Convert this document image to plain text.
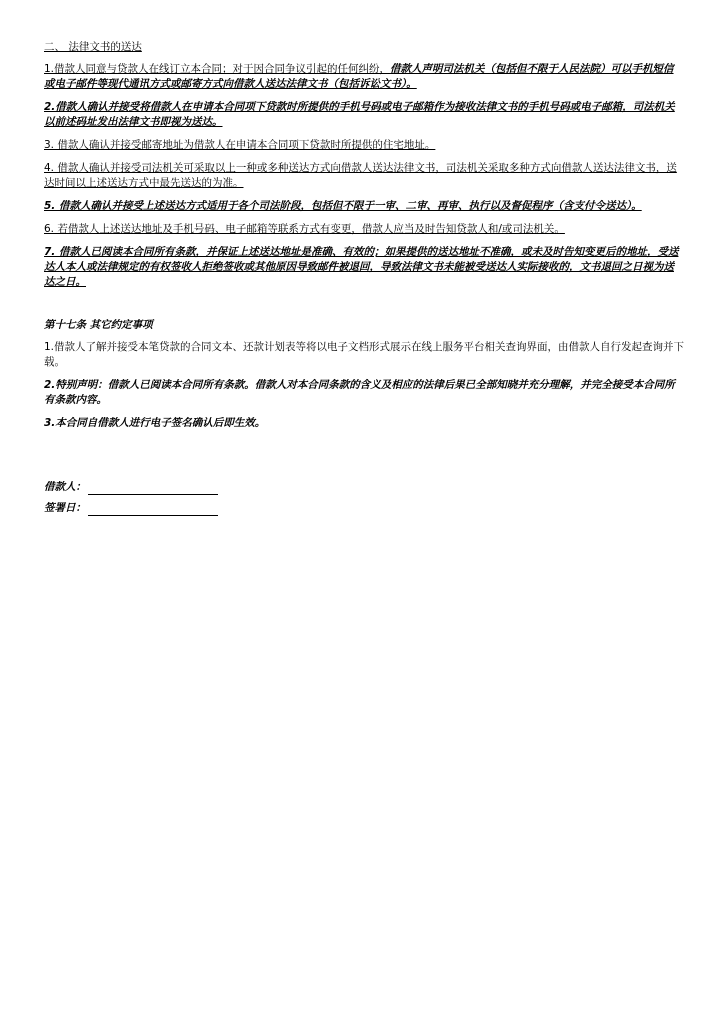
二、 法律文书的送达

1.借款人同意与贷款人在线订立本合同；对于因合同争议引起的任何纠纷，借款人声明司法机关（包括但不限于人民法院）可以手机短信或电子邮件等现代通讯方式或邮寄方式向借款人送达法律文书（包括诉讼文书）。

2.借款人确认并接受将借款人在申请本合同项下贷款时所提供的手机号码或电子邮箱作为接收法律文书的手机号码或电子邮箱，司法机关以前述码址发出法律文书即视为送达。

3. 借款人确认并接受邮寄地址为借款人在申请本合同项下贷款时所提供的住宅地址。

4. 借款人确认并接受司法机关可采取以上一种或多种送达方式向借款人送达法律文书，司法机关采取多种方式向借款人送达法律文书，送达时间以上述送达方式中最先送达的为准。

5. 借款人确认并接受上述送达方式适用于各个司法阶段，包括但不限于一审、二审、再审、执行以及督促程序（含支付令送达）。

6. 若借款人上述送达地址及手机号码、电子邮箱等联系方式有变更，借款人应当及时告知贷款人和/或司法机关。

7. 借款人已阅读本合同所有条款，并保证上述送达地址是准确、有效的；如果提供的送达地址不准确，或未及时告知变更后的地址，受送达人本人或法律规定的有权签收人拒绝签收或其他原因导致邮件被退回，导致法律文书未能被受送达人实际接收的，文书退回之日视为送达之日。

第十七条 其它约定事项

1.借款人了解并接受本笔贷款的合同文本、还款计划表等将以电子文档形式展示在线上服务平台相关查询界面，由借款人自行发起查询并下载。

2.特别声明：借款人已阅读本合同所有条款。借款人对本合同条款的含义及相应的法律后果已全部知晓并充分理解，并完全接受本合同所有条款内容。

3.本合同自借款人进行电子签名确认后即生效。

借款人：
签署日：
